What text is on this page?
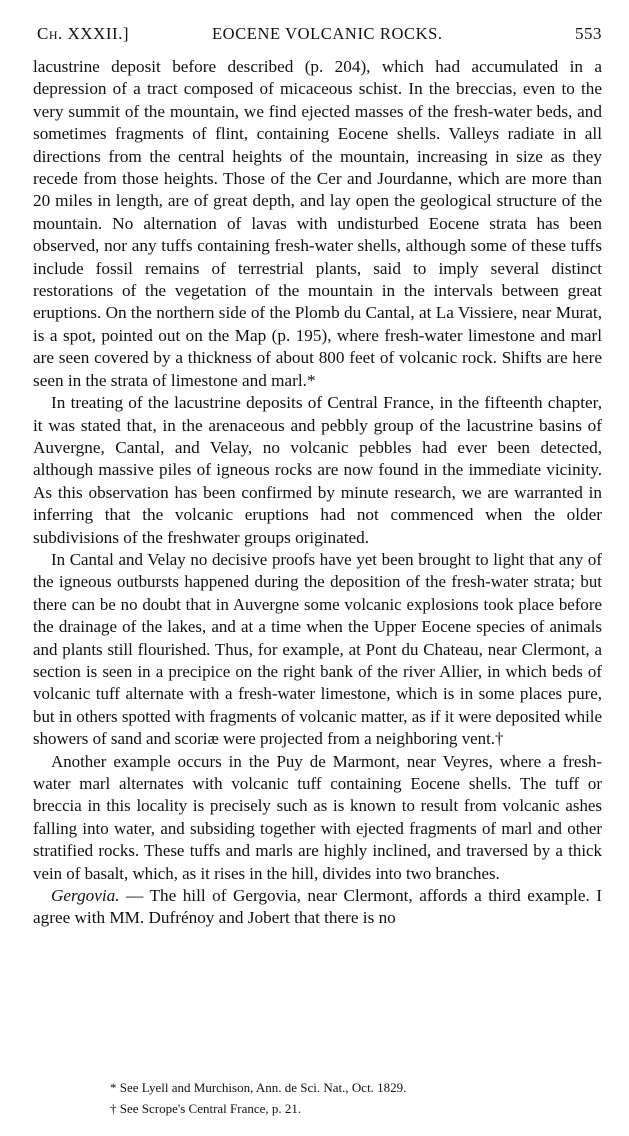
Ch. XXXII.]	EOCENE VOLCANIC ROCKS.	553

lacustrine deposit before described (p. 204), which had accumulated in a depression of a tract composed of micaceous schist. In the breccias, even to the very summit of the mountain, we find ejected masses of the fresh-water beds, and sometimes fragments of flint, containing Eocene shells. Valleys radiate in all directions from the central heights of the mountain, increasing in size as they recede from those heights. Those of the Cer and Jourdanne, which are more than 20 miles in length, are of great depth, and lay open the geological structure of the mountain. No alternation of lavas with undisturbed Eocene strata has been observed, nor any tuffs containing fresh-water shells, although some of these tuffs include fossil remains of terrestrial plants, said to imply several distinct restorations of the vegetation of the mountain in the intervals between great eruptions. On the northern side of the Plomb du Cantal, at La Vissiere, near Murat, is a spot, pointed out on the Map (p. 195), where fresh-water limestone and marl are seen covered by a thickness of about 800 feet of volcanic rock. Shifts are here seen in the strata of limestone and marl.*

In treating of the lacustrine deposits of Central France, in the fifteenth chapter, it was stated that, in the arenaceous and pebbly group of the lacustrine basins of Auvergne, Cantal, and Velay, no volcanic pebbles had ever been detected, although massive piles of igneous rocks are now found in the immediate vicinity. As this observation has been confirmed by minute research, we are warranted in inferring that the volcanic eruptions had not commenced when the older subdivisions of the freshwater groups originated.

In Cantal and Velay no decisive proofs have yet been brought to light that any of the igneous outbursts happened during the deposition of the fresh-water strata; but there can be no doubt that in Auvergne some volcanic explosions took place before the drainage of the lakes, and at a time when the Upper Eocene species of animals and plants still flourished. Thus, for example, at Pont du Chateau, near Clermont, a section is seen in a precipice on the right bank of the river Allier, in which beds of volcanic tuff alternate with a fresh-water limestone, which is in some places pure, but in others spotted with fragments of volcanic matter, as if it were deposited while showers of sand and scoriæ were projected from a neighboring vent.†

Another example occurs in the Puy de Marmont, near Veyres, where a fresh-water marl alternates with volcanic tuff containing Eocene shells. The tuff or breccia in this locality is precisely such as is known to result from volcanic ashes falling into water, and subsiding together with ejected fragments of marl and other stratified rocks. These tuffs and marls are highly inclined, and traversed by a thick vein of basalt, which, as it rises in the hill, divides into two branches.

Gergovia. — The hill of Gergovia, near Clermont, affords a third example. I agree with MM. Dufrénoy and Jobert that there is no

* See Lyell and Murchison, Ann. de Sci. Nat., Oct. 1829.
† See Scrope's Central France, p. 21.
